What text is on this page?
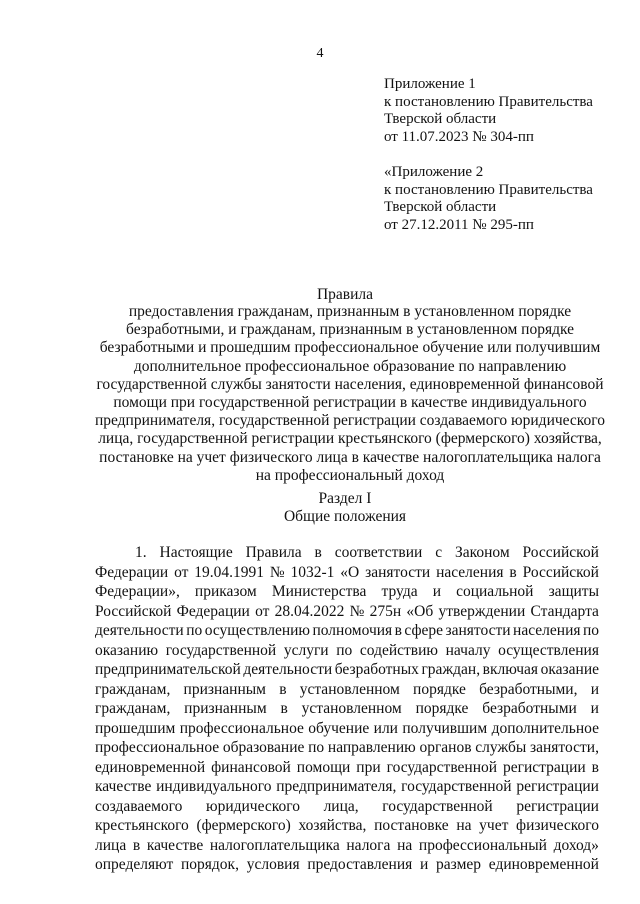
4
Приложение 1
к постановлению Правительства
Тверской области
от 11.07.2023 № 304-пп
«Приложение 2
к постановлению Правительства
Тверской области
от 27.12.2011 № 295-пп
Правила
предоставления гражданам, признанным в установленном порядке
безработными, и гражданам, признанным в установленном порядке
безработными и прошедшим профессиональное обучение или получившим
дополнительное профессиональное образование по направлению
государственной службы занятости населения, единовременной финансовой
помощи при государственной регистрации в качестве индивидуального
предпринимателя, государственной регистрации создаваемого юридического
лица, государственной регистрации крестьянского (фермерского) хозяйства,
постановке на учет физического лица в качестве налогоплательщика налога
на профессиональный доход
Раздел I
Общие положения
1. Настоящие Правила в соответствии с Законом Российской
Федерации от 19.04.1991 № 1032-1 «О занятости населения в Российской
Федерации», приказом Министерства труда и социальной защиты
Российской Федерации от 28.04.2022 № 275н «Об утверждении Стандарта
деятельности по осуществлению полномочия в сфере занятости населения по
оказанию государственной услуги по содействию началу осуществления
предпринимательской деятельности безработных граждан, включая оказание
гражданам, признанным в установленном порядке безработными, и
гражданам, признанным в установленном порядке безработными и
прошедшим профессиональное обучение или получившим дополнительное
профессиональное образование по направлению органов службы занятости,
единовременной финансовой помощи при государственной регистрации в
качестве индивидуального предпринимателя, государственной регистрации
создаваемого юридического лица, государственной регистрации
крестьянского (фермерского) хозяйства, постановке на учет физического
лица в качестве налогоплательщика налога на профессиональный доход»
определяют порядок, условия предоставления и размер единовременной
